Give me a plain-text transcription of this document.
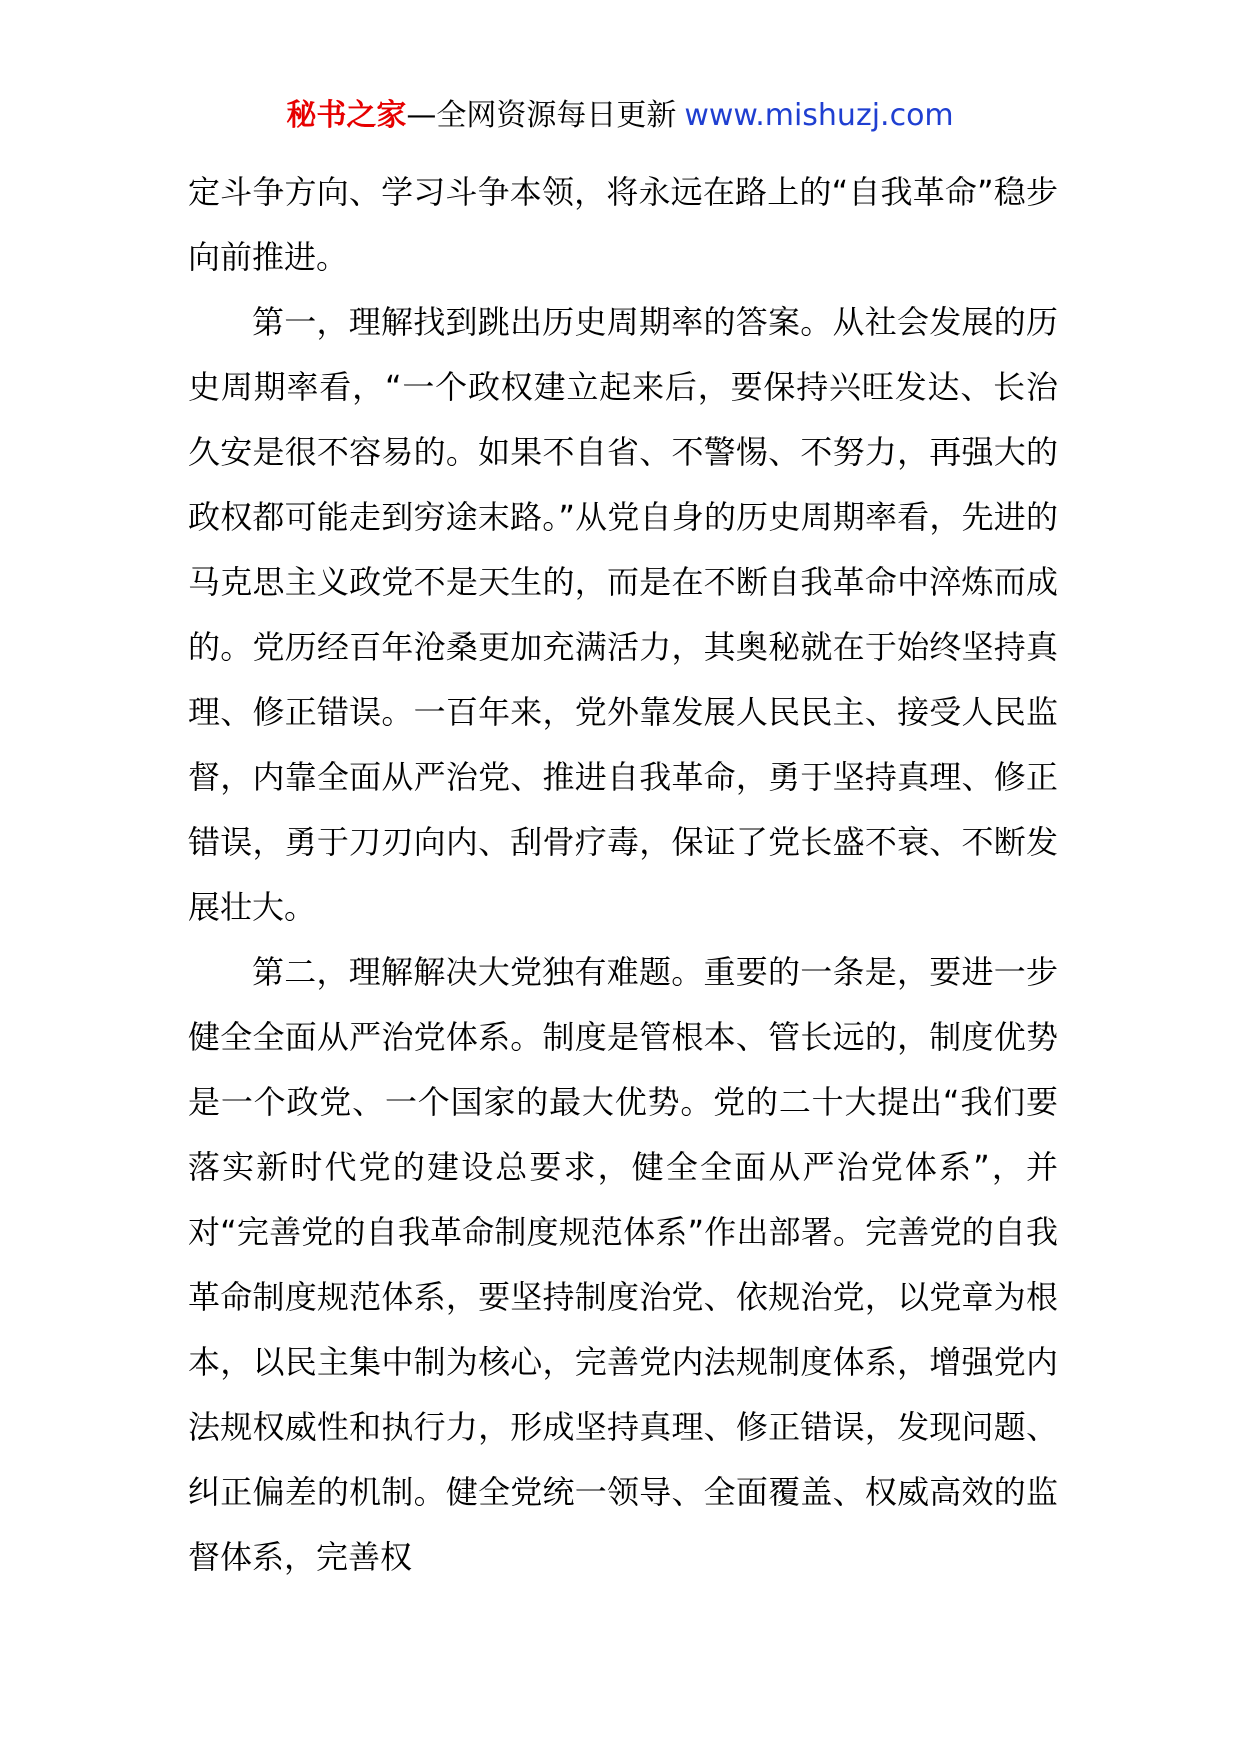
秘书之家—全网资源每日更新 www.mishuzj.com

定斗争方向、学习斗争本领，将永远在路上的“自我革命”稳步向前推进。

第一，理解找到跳出历史周期率的答案。从社会发展的历史周期率看，“一个政权建立起来后，要保持兴旺发达、长治久安是很不容易的。如果不自省、不警惕、不努力，再强大的政权都可能走到穷途末路。”从党自身的历史周期率看，先进的马克思主义政党不是天生的，而是在不断自我革命中淬炼而成的。党历经百年沧桑更加充满活力，其奥秘就在于始终坚持真理、修正错误。一百年来，党外靠发展人民民主、接受人民监督，内靠全面从严治党、推进自我革命，勇于坚持真理、修正错误，勇于刀刃向内、刮骨疗毒，保证了党长盛不衰、不断发展壮大。

第二，理解解决大党独有难题。重要的一条是，要进一步健全全面从严治党体系。制度是管根本、管长远的，制度优势是一个政党、一个国家的最大优势。党的二十大提出“我们要落实新时代党的建设总要求，健全全面从严治党体系”，并对“完善党的自我革命制度规范体系”作出部署。完善党的自我革命制度规范体系，要坚持制度治党、依规治党，以党章为根本，以民主集中制为核心，完善党内法规制度体系，增强党内法规权威性和执行力，形成坚持真理、修正错误，发现问题、纠正偏差的机制。健全党统一领导、全面覆盖、权威高效的监督体系，完善权
